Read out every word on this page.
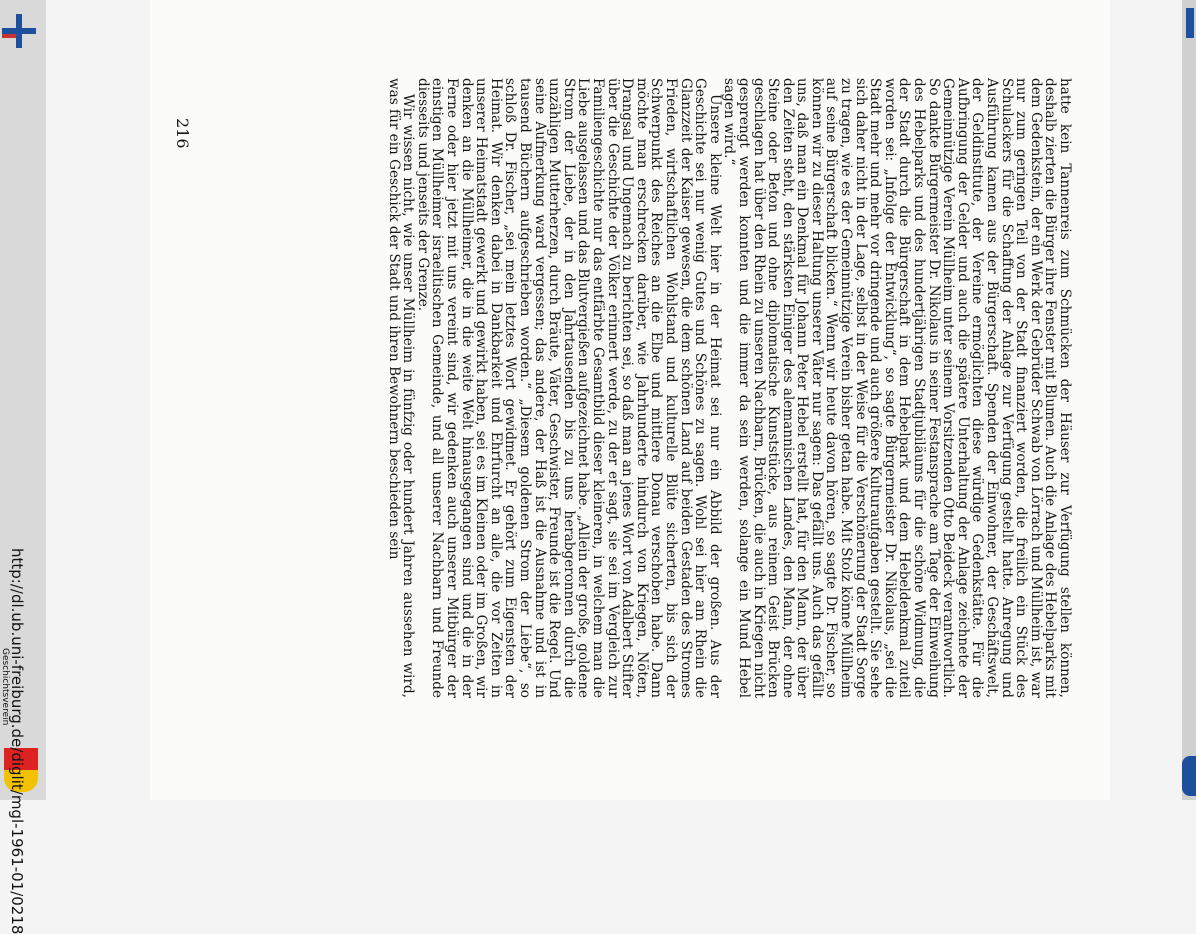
http://dl.ub.uni-freiburg.de/diglit/mgl-1961-01/0218
Geschichtsverein	hatte kein Tannenreis zum Schmücken der Häuser zur Verfügung stellen können, deshalb zierten die Bürger ihre Fenster mit Blumen. Auch die Anlage des Hebelparks mit dem Gedenkstein, der ein Werk der Gebrüder Schwab von Lörrach und Müllheim ist, war nur zum geringen Teil von der Stadt finanziert worden, die freilich ein Stück des Schulackers für die Schaffung der Anlage zur Verfügung gestellt hatte. Anregung und Ausführung kamen aus der Bürgerschaft. Spenden der Einwohner, der Geschäftswelt, der Geldinstitute, der Vereine ermöglichten diese würdige Gedenkstätte. Für die Aufbringung der Gelder und auch die spätere Unterhaltung der Anlage zeichnete der Gemeinnützige Verein Müllheim unter seinem Vorsitzenden Otto Beideck verantwortlich. So dankte Bürgermeister Dr. Nikolaus in seiner Festansprache am Tage der Einweihung des Hebelparks und des hundertjährigen Stadtjubiläums für die schöne Widmung, die der Stadt durch die Bürgerschaft in dem Hebelpark und dem Hebeldenkmal zuteil worden sei: „Infolge der Entwicklung“, so sagte Bürgermeister Dr. Nikolaus, „sei die Stadt mehr und mehr vor dringende und auch größere Kulturaufgaben gestellt. Sie sehe sich daher nicht in der Lage, selbst in der Weise für die Verschönerung der Stadt Sorge zu tragen, wie es der Gemeinnützige Verein bisher getan habe. Mit Stolz könne Müllheim auf seine Bürgerschaft blicken.“ Wenn wir heute davon hören, so sagte Dr. Fischer, so können wir zu dieser Haltung unserer Väter nur sagen: Das gefällt uns. Auch das gefällt uns, daß man ein Denkmal für Johann Peter Hebel erstellt hat, für den Mann, der über den Zeiten steht, den stärksten Einiger des alemannischen Landes, den Mann, der ohne Steine oder Beton und ohne diplomatische Kunststücke, aus reinem Geist Brücken geschlagen hat über den Rhein zu unseren Nachbarn, Brücken, die auch in Kriegen nicht gesprengt werden konnten und die immer da sein werden, solange ein Mund Hebel sagen wird.“

Unsere kleine Welt hier in der Heimat sei nur ein Abbild der großen. Aus der Geschichte sei nur wenig Gutes und Schönes zu sagen. Wohl sei hier am Rhein die Glanzzeit der Kaiser gewesen, die dem schönen Land auf beiden Gestaden des Stromes Frieden, wirtschaftlichen Wohlstand und kulturelle Blüte sicherten, bis sich der Schwerpunkt des Reiches an die Elbe und mittlere Donau verschoben habe. Dann möchte man erschrecken darüber, wie Jahrhunderte hindurch von Kriegen, Nöten, Drangsal und Ungemach zu berichten sei, so daß man an jenes Wort von Adalbert Stifter über die Geschichte der Völker erinnert werde, zu der er sagt, sie sei im Vergleich zur Familiengeschichte nur das entfärbte Gesamtbild dieser kleineren, in welchem man die Liebe ausgelassen und das Blutvergießen aufgezeichnet habe. „Allein der große, goldene Strom der Liebe, der in den Jahrtausenden bis zu uns herabgeronnen durch die unzähligen Mutterherzen, durch Bräute, Väter, Geschwister, Freunde ist die Regel. Und seine Aufmerkung ward vergessen; das andere, der Haß ist die Ausnahme und ist in tausend Büchern aufgeschrieben worden.“ „Diesem goldenen Strom der Liebe“, so schloß Dr. Fischer, „sei mein letztes Wort gewidmet. Er gehört zum Eigensten der Heimat. Wir denken dabei in Dankbarkeit und Ehrfurcht an alle, die vor Zeiten in unserer Heimatstadt gewerkt und gewirkt haben, sei es im Kleinen oder im Großen, wir denken an die Müllheimer, die in die weite Welt hinausgegangen sind und die in der Ferne oder hier jetzt mit uns vereint sind, wir gedenken auch unserer Mitbürger der einstigen Müllheimer israelitischen Gemeinde, und all unserer Nachbarn und Freunde diesseits und jenseits der Grenze.

Wir wissen nicht, wie unser Müllheim in fünfzig oder hundert Jahren aussehen wird, was für ein Geschick der Stadt und ihren Bewohnern beschieden sein

216
